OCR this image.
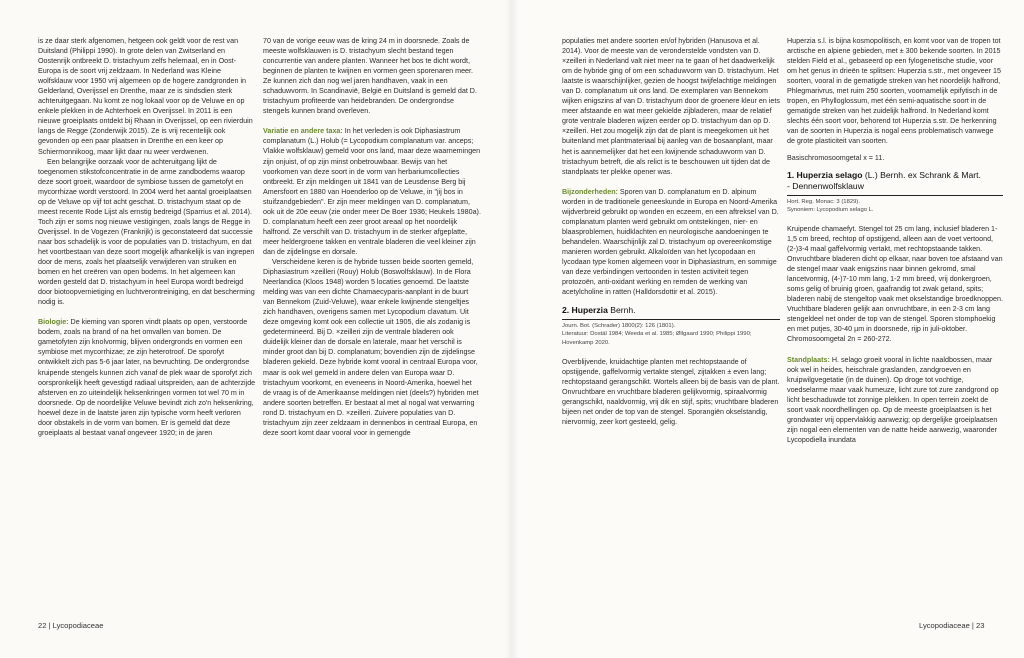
is ze daar sterk afgenomen, hetgeen ook geldt voor de rest van Duitsland (Philippi 1990). In grote delen van Zwitserland en Oostenrijk ontbreekt D. tristachyum zelfs helemaal, en in Oost-Europa is de soort vrij zeldzaam. In Nederland was Kleine wolfsklauw voor 1950 vrij algemeen op de hogere zandgronden in Gelderland, Overijssel en Drenthe, maar ze is sindsdien sterk achteruitgegaan. Nu komt ze nog lokaal voor op de Veluwe en op enkele plekken in de Achterhoek en Overijssel. In 2011 is een nieuwe groeiplaats ontdekt bij Rhaan in Overijssel, op een rivierduin langs de Regge (Zonderwijk 2015). Ze is vrij recentelijk ook gevonden op een paar plaatsen in Drenthe en een keer op Schiermonnikoog, maar lijkt daar nu weer verdwenen.

Een belangrijke oorzaak voor de achteruitgang lijkt de toegenomen stikstofconcentratie in de arme zandbodems waarop deze soort groeit, waardoor de symbiose tussen de gametofyt en mycorrhizae wordt verstoord. In 2004 werd het aantal groeiplaatsen op de Veluwe op vijf tot acht geschat. D. tristachyum staat op de meest recente Rode Lijst als ernstig bedreigd (Sparrius et al. 2014). Toch zijn er soms nog nieuwe vestigingen, zoals langs de Regge in Overijssel. In de Vogezen (Frankrijk) is geconstateerd dat successie naar bos schadelijk is voor de populaties van D. tristachyum, en dat het voortbestaan van deze soort mogelijk afhankelijk is van ingrepen door de mens, zoals het plaatselijk verwijderen van struiken en bomen en het creëren van open bodems. In het algemeen kan worden gesteld dat D. tristachyum in heel Europa wordt bedreigd door biotoopvernietiging en luchtverontreiniging, en dat bescherming nodig is.

Biologie: De kieming van sporen vindt plaats op open, verstoorde bodem, zoals na brand of na het omvallen van bomen. De gametofyten zijn knolvormig, blijven ondergronds en vormen een symbiose met mycorrhizae; ze zijn heterotroof. De sporofyt ontwikkelt zich pas 5-6 jaar later, na bevruchting. De ondergrondse kruipende stengels kunnen zich vanaf de plek waar de sporofyt zich oorspronkelijk heeft gevestigd radiaal uitspreiden, aan de achterzijde afsterven en zo uiteindelijk heksenkringen vormen tot wel 70 m in doorsnede. Op de noordelijke Veluwe bevindt zich zo'n heksenkring, hoewel deze in de laatste jaren zijn typische vorm heeft verloren door obstakels in de vorm van bomen. Er is gemeld dat deze groeiplaats al bestaat vanaf ongeveer 1920; in de jaren

70 van de vorige eeuw was de kring 24 m in doorsnede. Zoals de meeste wolfsklauwen is D. tristachyum slecht bestand tegen concurrentie van andere planten. Wanneer het bos te dicht wordt, beginnen de planten te kwijnen en vormen geen sporenaren meer. Ze kunnen zich dan nog wel jaren handhaven, vaak in een schaduwvorm. In Scandinavië, België en Duitsland is gemeld dat D. tristachyum profiteerde van heidebranden. De ondergrondse stengels kunnen brand overleven.

Variatie en andere taxa: In het verleden is ook Diphasiastrum complanatum (L.) Holub (= Lycopodium complanatum var. anceps; Vlakke wolfsklauw) gemeld voor ons land, maar deze waarnemingen zijn onjuist, of op zijn minst onbetrouwbaar. Bewijs van het voorkomen van deze soort in de vorm van herbariumcollecties ontbreekt. Er zijn meldingen uit 1841 van de Leusdense Berg bij Amersfoort en 1880 van Hoenderloo op de Veluwe, in "jij bos in stuifzandgebieden". Er zijn meer meldingen van D. complanatum, ook uit de 20e eeuw (zie onder meer De Boer 1936; Heukels 1980a). D. complanatum heeft een zeer groot areaal op het noordelijk halfrond. Ze verschilt van D. tristachyum in de sterker afgeplatte, meer heldergroene takken en ventrale bladeren die veel kleiner zijn dan de zijdelingse en dorsale.

Verscheidene keren is de hybride tussen beide soorten gemeld, Diphasiastrum ×zeilleri (Rouy) Holub (Boswolfsklauw). In de Flora Neerlandica (Kloos 1948) worden 5 locaties genoemd. De laatste melding was van een dichte Chamaecyparis-aanplant in de buurt van Bennekom (Zuid-Veluwe), waar enkele kwijnende stengeltjes zich handhaven, overigens samen met Lycopodium clavatum. Uit deze omgeving komt ook een collectie uit 1905, die als zodanig is gedetermineerd. Bij D. ×zeilleri zijn de ventrale bladeren ook duidelijk kleiner dan de dorsale en laterale, maar het verschil is minder groot dan bij D. complanatum; bovendien zijn de zijdelingse bladeren gekield. Deze hybride komt vooral in centraal Europa voor, maar is ook wel gemeld in andere delen van Europa waar D. tristachyum voorkomt, en eveneens in Noord-Amerika, hoewel het de vraag is of de Amerikaanse meldingen niet (deels?) hybriden met andere soorten betreffen. Er bestaat al met al nogal wat verwarring rond D. tristachyum en D. ×zeilleri. Zuivere populaties van D. tristachyum zijn zeer zeldzaam in dennenbos in centraal Europa, en deze soort komt daar vooral voor in gemengde

22 | Lycopodiaceae

populaties met andere soorten en/of hybriden (Hanusova et al. 2014). Voor de meeste van de veronderstelde vondsten van D. ×zeilleri in Nederland valt niet meer na te gaan of het daadwerkelijk om de hybride ging of om een schaduwvorm van D. tristachyum. Het laatste is waarschijnlijker, gezien de hoogst twijfelachtige meldingen van D. complanatum uit ons land. De exemplaren van Bennekom wijken enigszins af van D. tristachyum door de groenere kleur en iets meer afstaande en wat meer gekielde zijbladeren, maar de relatief grote ventrale bladeren wijzen eerder op D. tristachyum dan op D. ×zeilleri. Het zou mogelijk zijn dat de plant is meegekomen uit het buitenland met plantmateriaal bij aanleg van de bosaanplant, maar het is aannemelijker dat het een kwijnende schaduwvorm van D. tristachyum betreft, die als relict is te beschouwen uit tijden dat de standplaats ter plekke opener was.

Bijzonderheden: Sporen van D. complanatum en D. alpinum worden in de traditionele geneeskunde in Europa en Noord-Amerika wijdverbreid gebruikt op wonden en eczeem, en een aftreksel van D. complanatum planten werd gebruikt om ontstekingen, nier- en blaasproblemen, huidklachten en neurologische aandoeningen te behandelen. Waarschijnlijk zal D. tristachyum op overeenkomstige manieren worden gebruikt. Alkaloïden van het lycopodaan en lycodaan type komen algemeen voor in Diphasiastrum, en sommige van deze verbindingen vertoonden in testen activiteit tegen protozoën, anti-oxidant werking en remden de werking van acetylcholine in ratten (Halldorsdottir et al. 2015).

2. Huperzia Bernh.

Journ. Bot. (Schrader) 1800(2): 126 (1801).

Literatuur: Dostál 1984; Weeda et al. 1985; Øllgaard 1990; Philippi 1990; Hovenkamp 2020.

Overblijvende, kruidachtige planten met rechtopstaande of opstijgende, gaffelvormig vertakte stengel, zijtakken ± even lang; rechtopstaand gerangschikt. Wortels alleen bij de basis van de plant. Onvruchtbare en vruchtbare bladeren gelijkvormig, spiraalvormig gerangschikt, naaldvormig, vrij dik en stijf, spits; vruchtbare bladeren bijeen net onder de top van de stengel. Sporangiën okselstandig, niervormig, zeer kort gesteeld, gelig.

Huperzia s.l. is bijna kosmopolitisch, en komt voor van de tropen tot arctische en alpiene gebieden, met ± 300 bekende soorten. In 2015 stelden Field et al., gebaseerd op een fylogenetische studie, voor om het genus in drieën te splitsen: Huperzia s.str., met ongeveer 15 soorten, vooral in de gematigde streken van het noordelijk halfrond, Phlegmarivrus, met ruim 250 soorten, voornamelijk epifytisch in de tropen, en Phylloglossum, met één semi-aquatische soort in de gematigde streken van het zuidelijk halfrond. In Nederland komt slechts één soort voor, behorend tot Huperzia s.str. De herkenning van de soorten in Huperzia is nogal eens problematisch vanwege de grote plasticiteit van soorten.

Basischromosoomgetal x = 11.

1. Huperzia selago (L.) Bernh. ex Schrank & Mart.

- Dennenwolfsklauw

Hort. Reg. Monac: 3 (1829).

Synoniem: Lycopodium selago L.

Kruipende chamaefyt. Stengel tot 25 cm lang, inclusief bladeren 1-1,5 cm breed, rechtop of opstijgend, alleen aan de voet vertoond, (2-)3-4 maal gaffelvormig vertakt, met rechtopstaande takken. Onvruchtbare bladeren dicht op elkaar, naar boven toe afstaand van de stengel maar vaak enigszins naar binnen gekromd, smal lancetvormig, (4-)7-10 mm lang, 1-2 mm breed, vrij donkergroen, soms gelig of bruinig groen, gaafrandig tot zwak getand, spits; bladeren nabij de stengeltop vaak met okselstandige broedknoppen. Vruchtbare bladeren gelijk aan onvruchtbare, in een 2-3 cm lang stengeldeel net onder de top van de stengel. Sporen stomphoekig en met putjes, 30-40 µm in doorsnede, rijp in juli-oktober. Chromosoomgetal 2n = 260-272.

Standplaats: H. selago groeit vooral in lichte naaldbossen, maar ook wel in heides, heischrale graslanden, zandgroeven en kruipwilgvegetatie (in de duinen). Op droge tot vochtige, voedselarme maar vaak humeuze, licht zure tot zure zandgrond op licht beschaduwde tot zonnige plekken. In open terrein zoekt de soort vaak noordhellingen op. Op de meeste groeiplaatsen is het grondwater vrij oppervlakkig aanwezig; op dergelijke groeiplaatsen zijn nogal een elementen van de natte heide aanwezig, waaronder Lycopodiella inundata

Lycopodiaceae | 23
